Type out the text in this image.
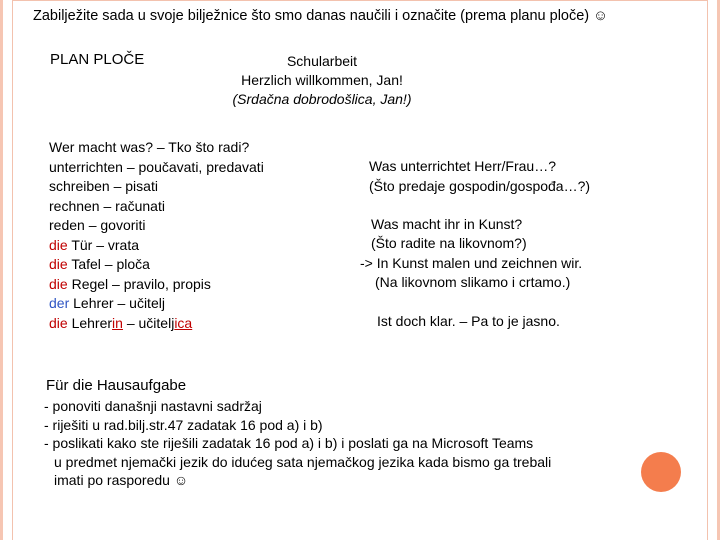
Zabilježite sada u svoje bilježnice što smo danas naučili i označite (prema planu ploče) ☺
PLAN PLOČE	Schularbeit
Herzlich willkommen, Jan!
(Srdačna dobrodošlica, Jan!)
Wer macht was? – Tko što radi?
unterrichten – poučavati, predavati
schreiben – pisati
rechnen – računati
reden – govoriti
die Tür – vrata
die Tafel – ploča
die Regel – pravilo, propis
der Lehrer – učitelj
die Lehrerin – učiteljica
Was unterrichtet Herr/Frau…?
(Što predaje gospodin/gospođa…?)
Was macht ihr in Kunst?
(Što radite na likovnom?)
-> In Kunst malen und zeichnen wir.
(Na likovnom slikamo i crtamo.)
Ist doch klar. – Pa to je jasno.
Für die Hausaufgabe
- ponoviti današnji nastavni sadržaj
- riješiti u rad.bilj.str.47 zadatak 16 pod a) i b)
- poslikati kako ste riješili zadatak 16 pod a) i b) i poslati ga na Microsoft Teams
u predmet njemački jezik do idućeg sata njemačkog jezika kada bismo ga trebali
imati po rasporedu ☺
